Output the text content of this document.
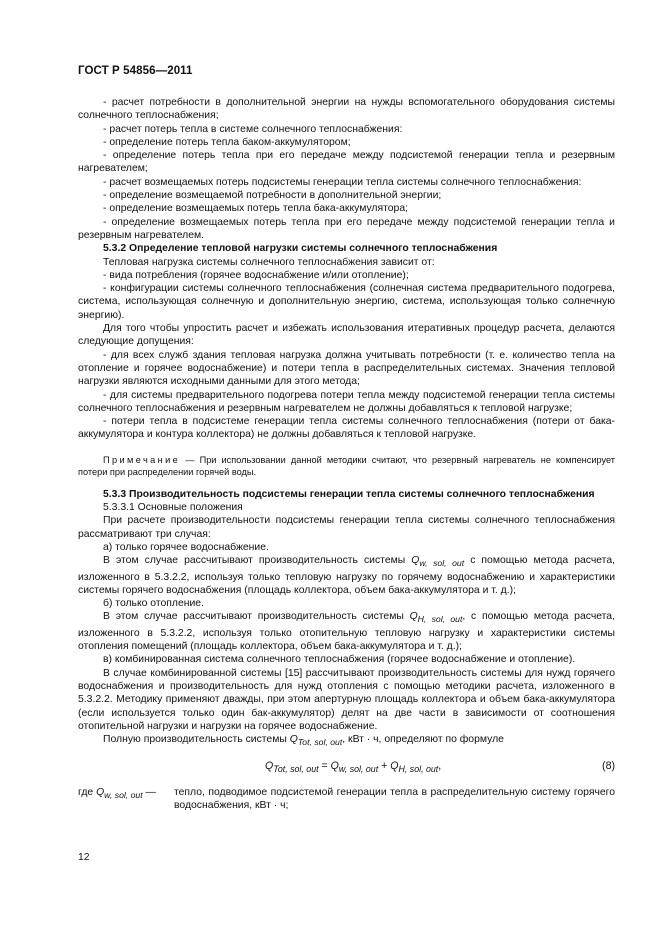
ГОСТ Р 54856—2011

- расчет потребности в дополнительной энергии на нужды вспомогательного оборудования системы солнечного теплоснабжения;

- расчет потерь тепла в системе солнечного теплоснабжения:

- определение потерь тепла баком-аккумулятором;

- определение потерь тепла при его передаче между подсистемой генерации тепла и резервным нагревателем;

- расчет возмещаемых потерь подсистемы генерации тепла системы солнечного теплоснабжения:

- определение возмещаемой потребности в дополнительной энергии;

- определение возмещаемых потерь тепла бака-аккумулятора;

- определение возмещаемых потерь тепла при его передаче между подсистемой генерации тепла и резервным нагревателем.

5.3.2 Определение тепловой нагрузки системы солнечного теплоснабжения

Тепловая нагрузка системы солнечного теплоснабжения зависит от:

- вида потребления (горячее водоснабжение и/или отопление);

- конфигурации системы солнечного теплоснабжения (солнечная система предварительного подогрева, система, использующая солнечную и дополнительную энергию, система, использующая только солнечную энергию).

Для того чтобы упростить расчет и избежать использования итеративных процедур расчета, делаются следующие допущения:

- для всех служб здания тепловая нагрузка должна учитывать потребности (т. е. количество тепла на отопление и горячее водоснабжение) и потери тепла в распределительных системах. Значения тепловой нагрузки являются исходными данными для этого метода;

- для системы предварительного подогрева потери тепла между подсистемой генерации тепла системы солнечного теплоснабжения и резервным нагревателем не должны добавляться к тепловой нагрузке;

- потери тепла в подсистеме генерации тепла системы солнечного теплоснабжения (потери от бака-аккумулятора и контура коллектора) не должны добавляться к тепловой нагрузке.

Примечание — При использовании данной методики считают, что резервный нагреватель не компенсирует потери при распределении горячей воды.

5.3.3 Производительность подсистемы генерации тепла системы солнечного теплоснабжения

5.3.3.1 Основные положения

При расчете производительности подсистемы генерации тепла системы солнечного теплоснабжения рассматривают три случая:

а) только горячее водоснабжение.

В этом случае рассчитывают производительность системы $Q_{w, sol, out}$ с помощью метода расчета, изложенного в 5.3.2.2, используя только тепловую нагрузку по горячему водоснабжению и характеристики системы горячего водоснабжения (площадь коллектора, объем бака-аккумулятора и т. д.);

б) только отопление.

В этом случае рассчитывают производительность системы $Q_{H, sol, out}$, с помощью метода расчета, изложенного в 5.3.2.2, используя только отопительную тепловую нагрузку и характеристики системы отопления помещений (площадь коллектора, объем бака-аккумулятора и т. д.);

в) комбинированная система солнечного теплоснабжения (горячее водоснабжение и отопление).

В случае комбинированной системы [15] рассчитывают производительность системы для нужд горячего водоснабжения и производительность для нужд отопления с помощью методики расчета, изложенного в 5.3.2.2. Методику применяют дважды, при этом апертурную площадь коллектора и объем бака-аккумулятора (если используется только один бак-аккумулятор) делят на две части в зависимости от соотношения отопительной нагрузки и нагрузки на горячее водоснабжение.

Полную производительность системы $Q_{Tot, sol, out}$, кВт · ч, определяют по формуле

$Q_{Tot, sol, out} = Q_{w, sol, out} + Q_{H, sol, out}$,	(8)
где $Q_{w, sol, out}$ — тепло, подводимое подсистемой генерации тепла в распределительную систему горячего водоснабжения, кВт · ч;
12
